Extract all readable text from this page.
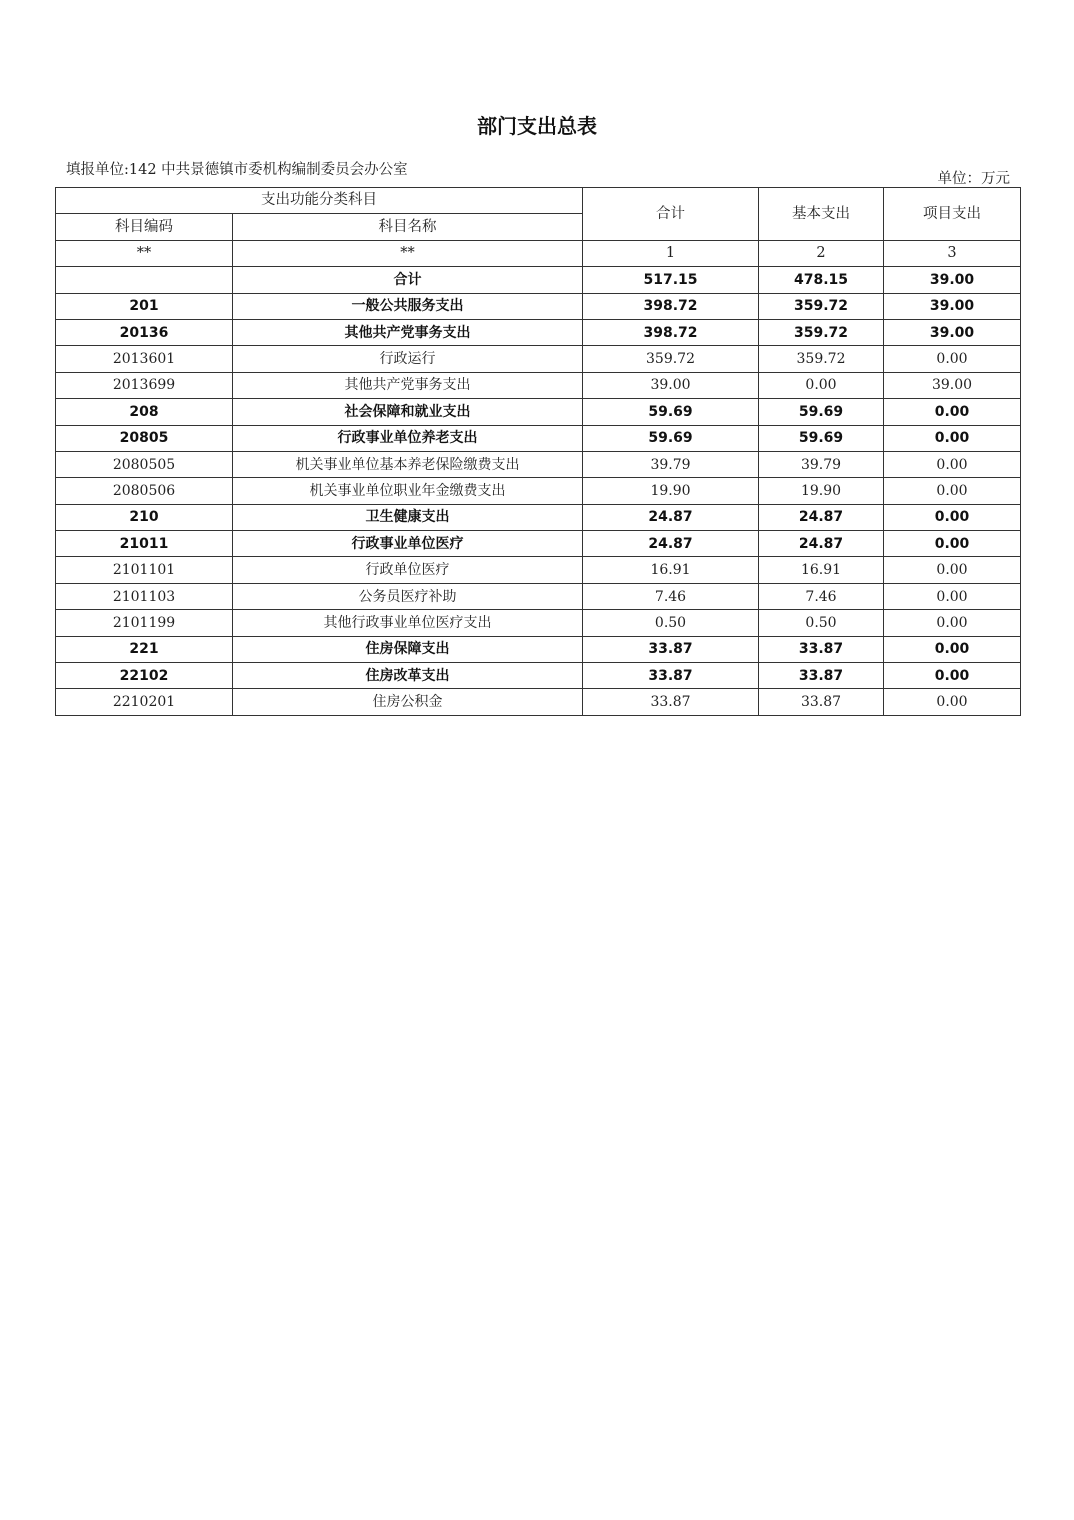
部门支出总表
填报单位:142 中共景德镇市委机构编制委员会办公室
单位：万元
支出功能分类科目		合计	基本支出	项目支出
科目编码	科目名称			
**	**	1	2	3
	合计	517.15	478.15	39.00
201	一般公共服务支出	398.72	359.72	39.00
20136	其他共产党事务支出	398.72	359.72	39.00
2013601	行政运行	359.72	359.72	0.00
2013699	其他共产党事务支出	39.00	0.00	39.00
208	社会保障和就业支出	59.69	59.69	0.00
20805	行政事业单位养老支出	59.69	59.69	0.00
2080505	机关事业单位基本养老保险缴费支出	39.79	39.79	0.00
2080506	机关事业单位职业年金缴费支出	19.90	19.90	0.00
210	卫生健康支出	24.87	24.87	0.00
21011	行政事业单位医疗	24.87	24.87	0.00
2101101	行政单位医疗	16.91	16.91	0.00
2101103	公务员医疗补助	7.46	7.46	0.00
2101199	其他行政事业单位医疗支出	0.50	0.50	0.00
221	住房保障支出	33.87	33.87	0.00
22102	住房改革支出	33.87	33.87	0.00
2210201	住房公积金	33.87	33.87	0.00
